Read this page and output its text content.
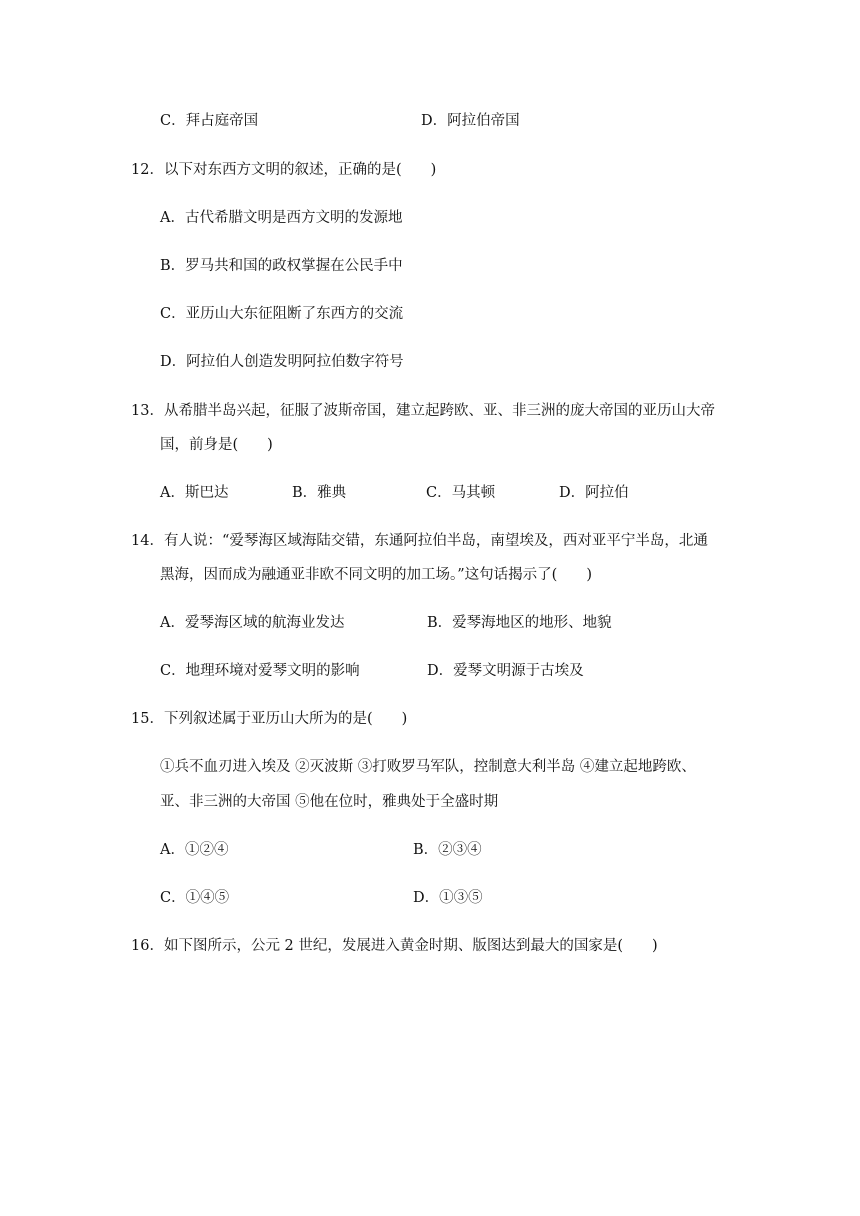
C．拜占庭帝国	D．阿拉伯帝国
12．以下对东西方文明的叙述，正确的是(　　)
A．古代希腊文明是西方文明的发源地
B．罗马共和国的政权掌握在公民手中
C．亚历山大东征阻断了东西方的交流
D．阿拉伯人创造发明阿拉伯数字符号
13．从希腊半岛兴起，征服了波斯帝国，建立起跨欧、亚、非三洲的庞大帝国的亚历山大帝
国，前身是(　　)
A．斯巴达	B．雅典	C．马其顿	D．阿拉伯
14．有人说：“爱琴海区域海陆交错，东通阿拉伯半岛，南望埃及，西对亚平宁半岛，北通
黑海，因而成为融通亚非欧不同文明的加工场。”这句话揭示了(　　)
A．爱琴海区域的航海业发达	B．爱琴海地区的地形、地貌
C．地理环境对爱琴文明的影响	D．爱琴文明源于古埃及
15．下列叙述属于亚历山大所为的是(　　)
①兵不血刃进入埃及 ②灭波斯 ③打败罗马军队，控制意大利半岛 ④建立起地跨欧、
亚、非三洲的大帝国 ⑤他在位时，雅典处于全盛时期
A．①②④	B．②③④
C．①④⑤	D．①③⑤
16．如下图所示，公元 2 世纪，发展进入黄金时期、版图达到最大的国家是(　　)
